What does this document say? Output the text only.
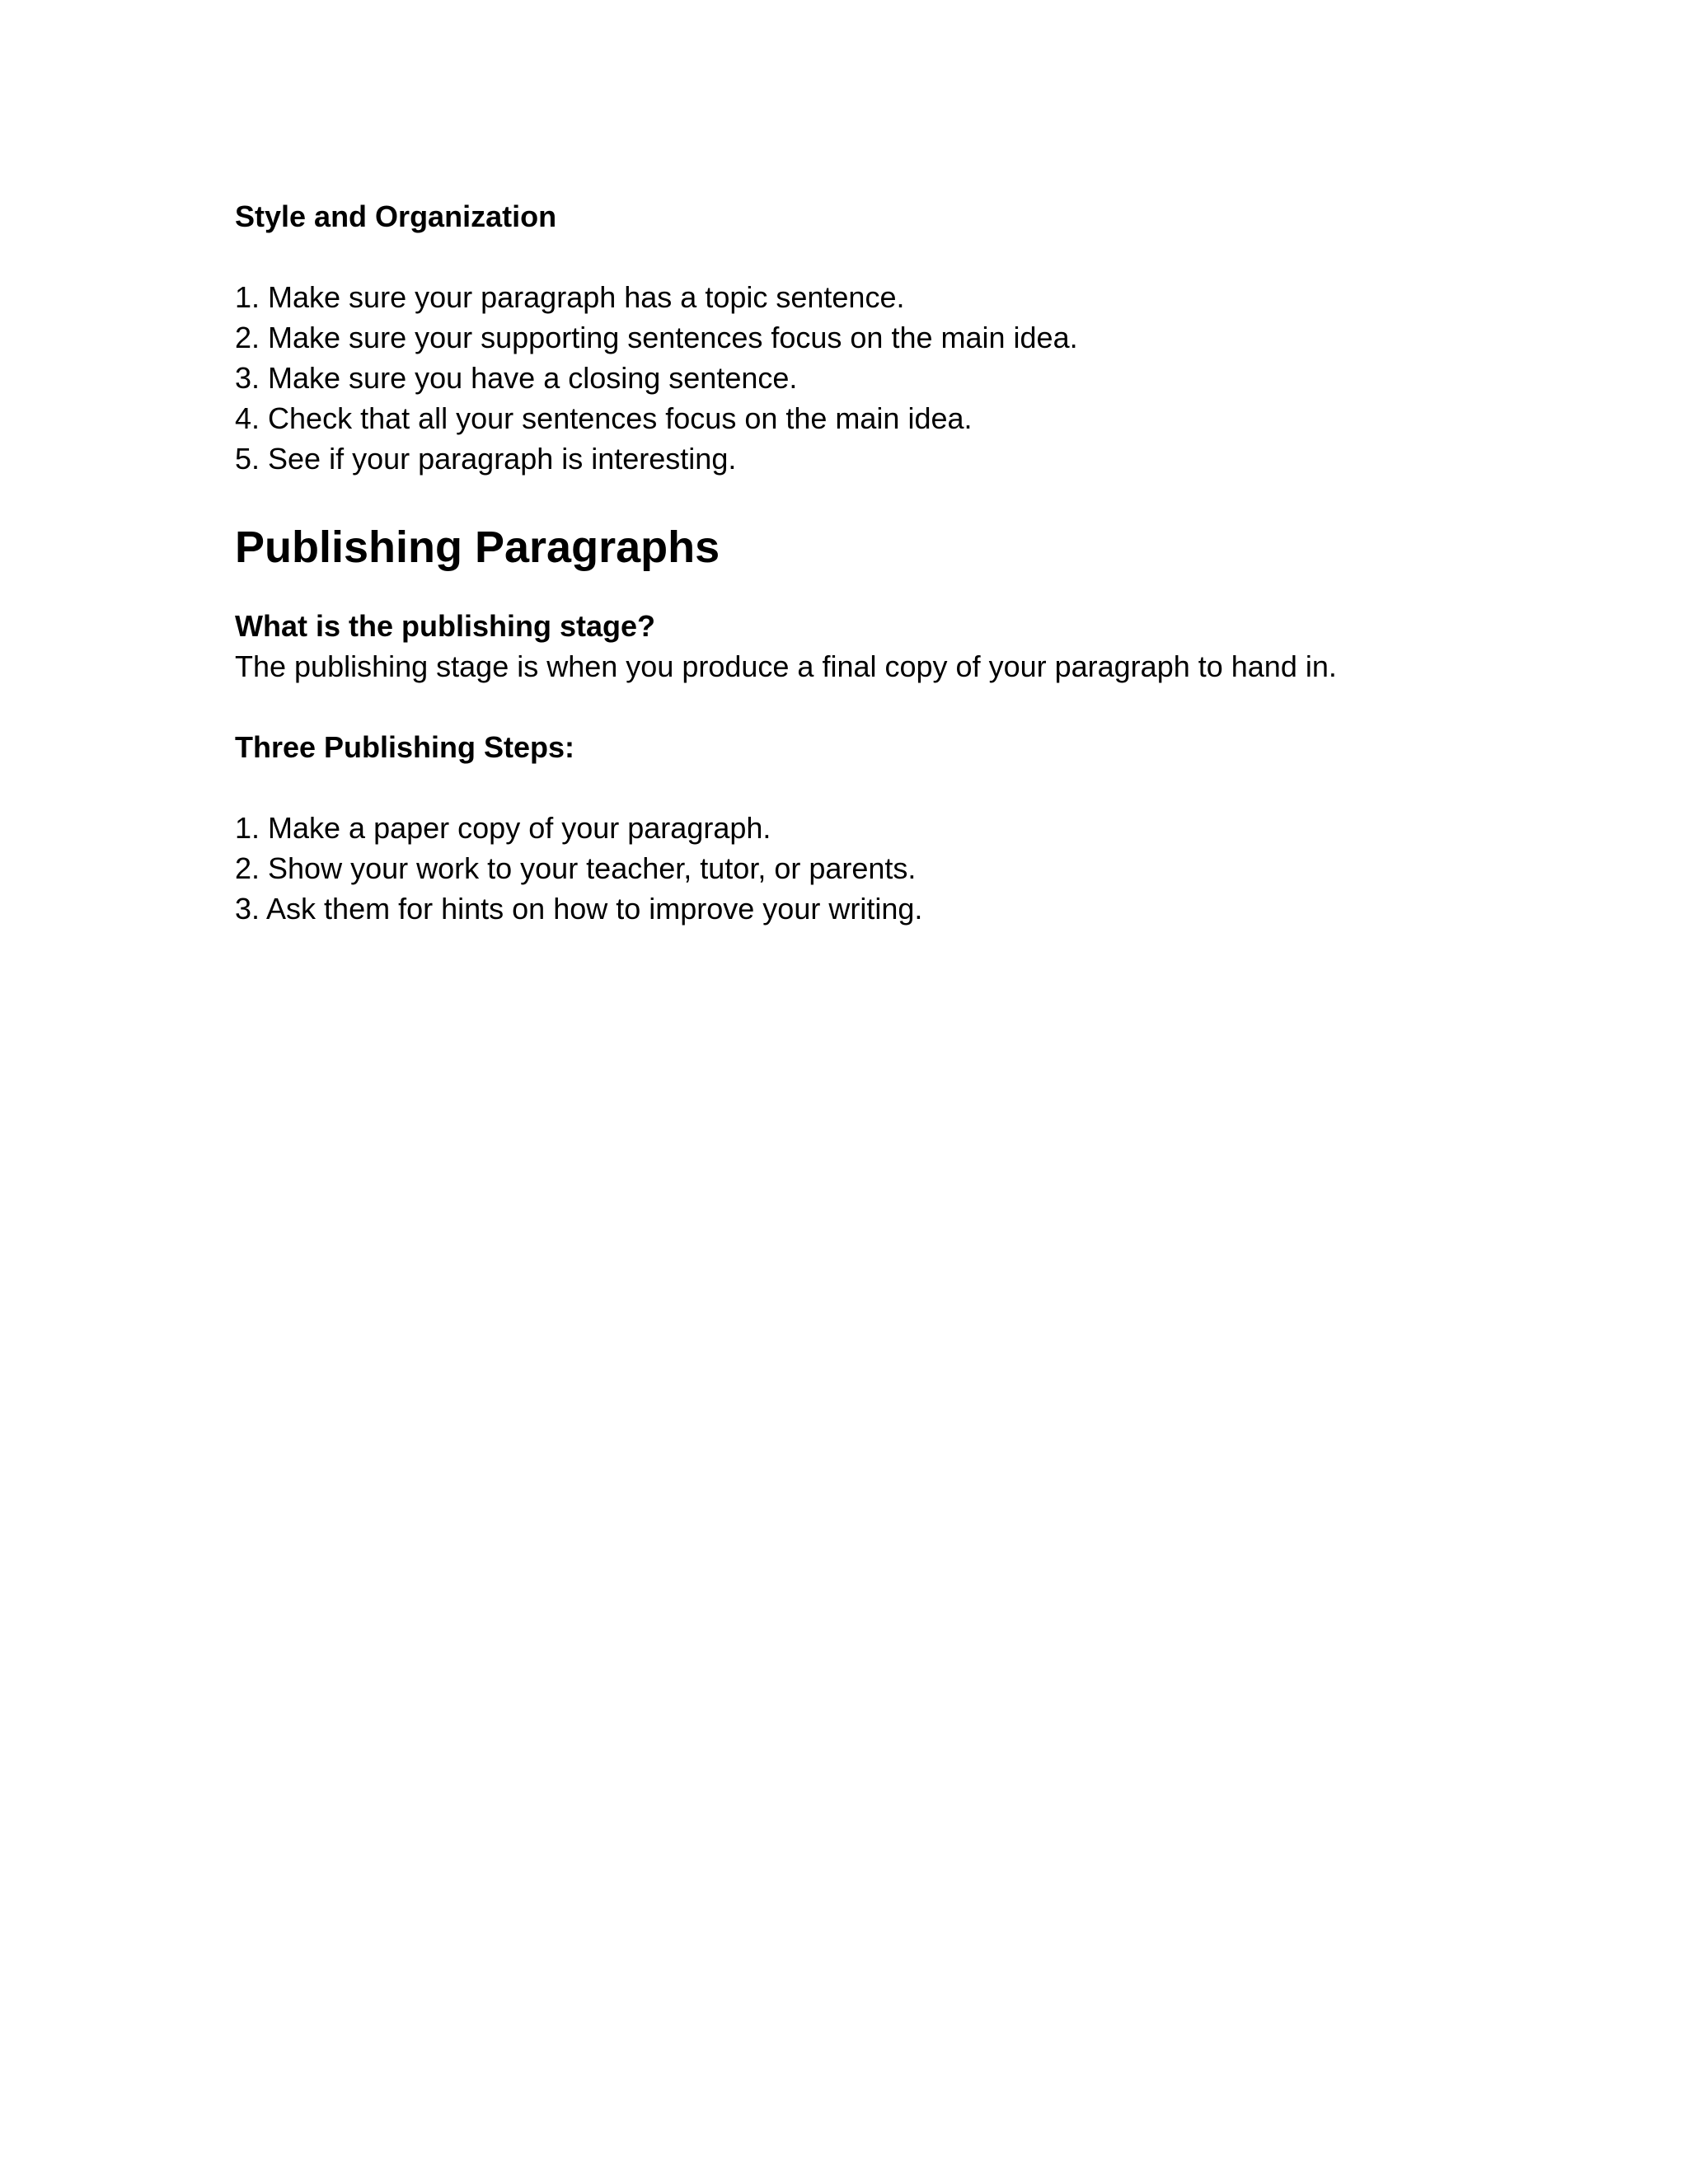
Style and Organization
1. Make sure your paragraph has a topic sentence.
2. Make sure your supporting sentences focus on the main idea.
3. Make sure you have a closing sentence.
4. Check that all your sentences focus on the main idea.
5. See if your paragraph is interesting.
Publishing Paragraphs
What is the publishing stage?

The publishing stage is when you produce a final copy of your paragraph to hand in.

Three Publishing Steps:
1. Make a paper copy of your paragraph.
2. Show your work to your teacher, tutor, or parents.
3. Ask them for hints on how to improve your writing.
